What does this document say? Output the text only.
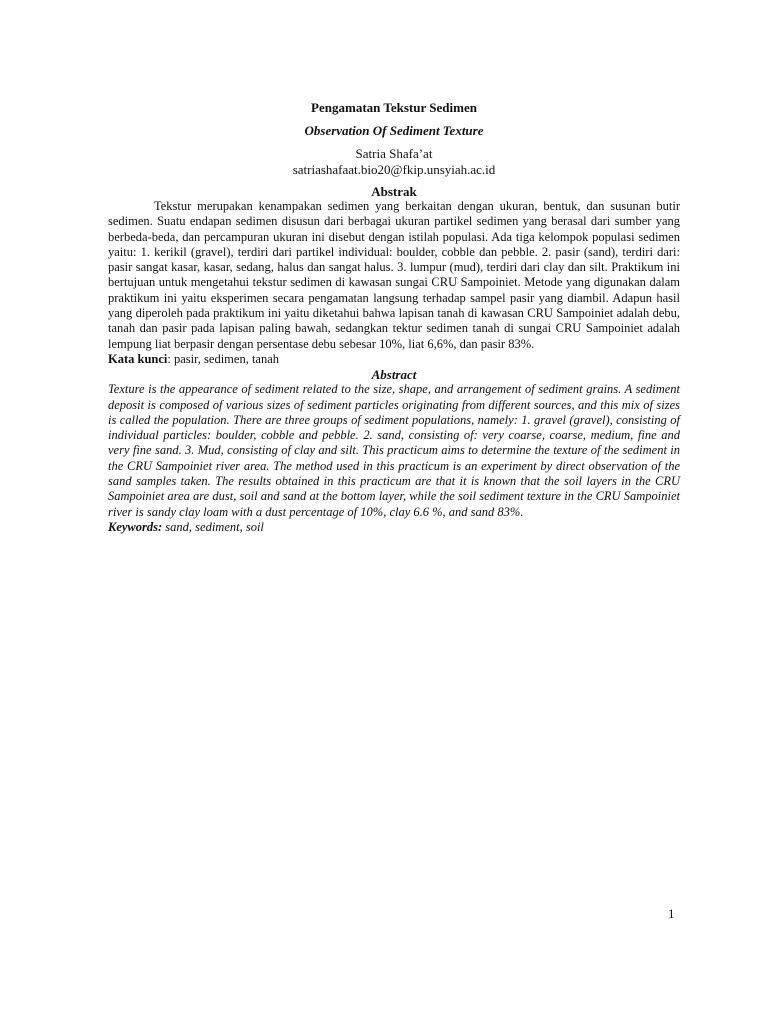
Pengamatan Tekstur Sedimen

Observation Of Sediment Texture

Satria Shafa’at

satriashafaat.bio20@fkip.unsyiah.ac.id

Abstrak

Tekstur merupakan kenampakan sedimen yang berkaitan dengan ukuran, bentuk, dan susunan butir sedimen. Suatu endapan sedimen disusun dari berbagai ukuran partikel sedimen yang berasal dari sumber yang berbeda-beda, dan percampuran ukuran ini disebut dengan istilah populasi. Ada tiga kelompok populasi sedimen yaitu: 1. kerikil (gravel), terdiri dari partikel individual: boulder, cobble dan pebble. 2. pasir (sand), terdiri dari: pasir sangat kasar, kasar, sedang, halus dan sangat halus. 3. lumpur (mud), terdiri dari clay dan silt. Praktikum ini bertujuan untuk mengetahui tekstur sedimen di kawasan sungai CRU Sampoiniet. Metode yang digunakan dalam praktikum ini yaitu eksperimen secara pengamatan langsung terhadap sampel pasir yang diambil. Adapun hasil yang diperoleh pada praktikum ini yaitu diketahui bahwa lapisan tanah di kawasan CRU Sampoiniet adalah debu, tanah dan pasir pada lapisan paling bawah, sedangkan tektur sedimen tanah di sungai CRU Sampoiniet adalah lempung liat berpasir dengan persentase debu sebesar 10%, liat 6,6%, dan pasir 83%.

Kata kunci: pasir, sedimen, tanah

Abstract

Texture is the appearance of sediment related to the size, shape, and arrangement of sediment grains. A sediment deposit is composed of various sizes of sediment particles originating from different sources, and this mix of sizes is called the population. There are three groups of sediment populations, namely: 1. gravel (gravel), consisting of individual particles: boulder, cobble and pebble. 2. sand, consisting of: very coarse, coarse, medium, fine and very fine sand. 3. Mud, consisting of clay and silt. This practicum aims to determine the texture of the sediment in the CRU Sampoiniet river area. The method used in this practicum is an experiment by direct observation of the sand samples taken. The results obtained in this practicum are that it is known that the soil layers in the CRU Sampoiniet area are dust, soil and sand at the bottom layer, while the soil sediment texture in the CRU Sampoiniet river is sandy clay loam with a dust percentage of 10%, clay 6.6 %, and sand 83%.

Keywords: sand, sediment, soil

1
